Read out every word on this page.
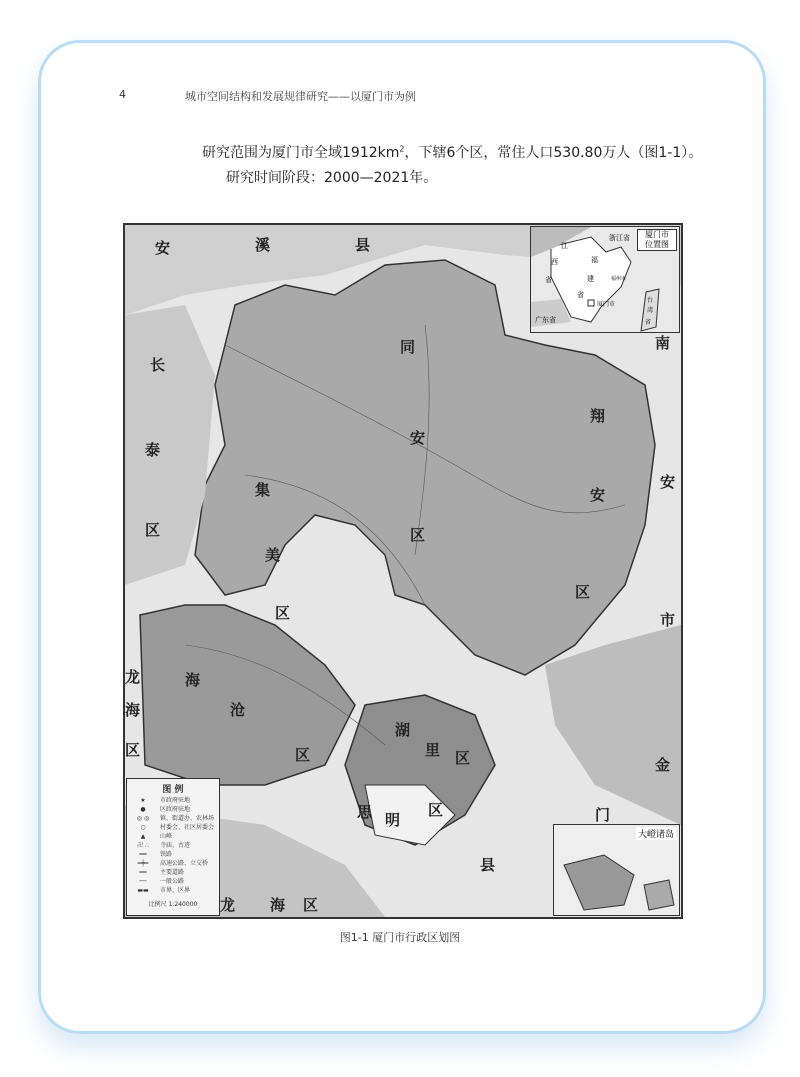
4	城市空间结构和发展规律研究——以厦门市为例
研究范围为厦门市全域$1912km^2$，下辖6个区，常住人口530.80万人（图1-1）。
研究时间阶段：2000—2021年。
安	溪	县
长
泰
区
同
安
区
翔
安
区
集
美
区
南
安
市
龙
海
区
海
沧
区
湖
里 区
思 明
区
龙 海 区
金
门
县
厦门市
位置图
浙江省
江
西
省
福
建
省
福州市
厦门市
广东省
台
湾
省
大嶝诸岛
图 例
★	市政府驻地
●	区政府驻地
◎ ◎	镇、街道办、农林场
○	村委会、社区居委会
▲	山峰
卍 ∴	寺庙、古迹
━━	铁路
═╪═	高速公路、立交桥
══	主要道路
──	一般公路
▬▬	市界、区界
比例尺 1:240000
图1-1 厦门市行政区划图
